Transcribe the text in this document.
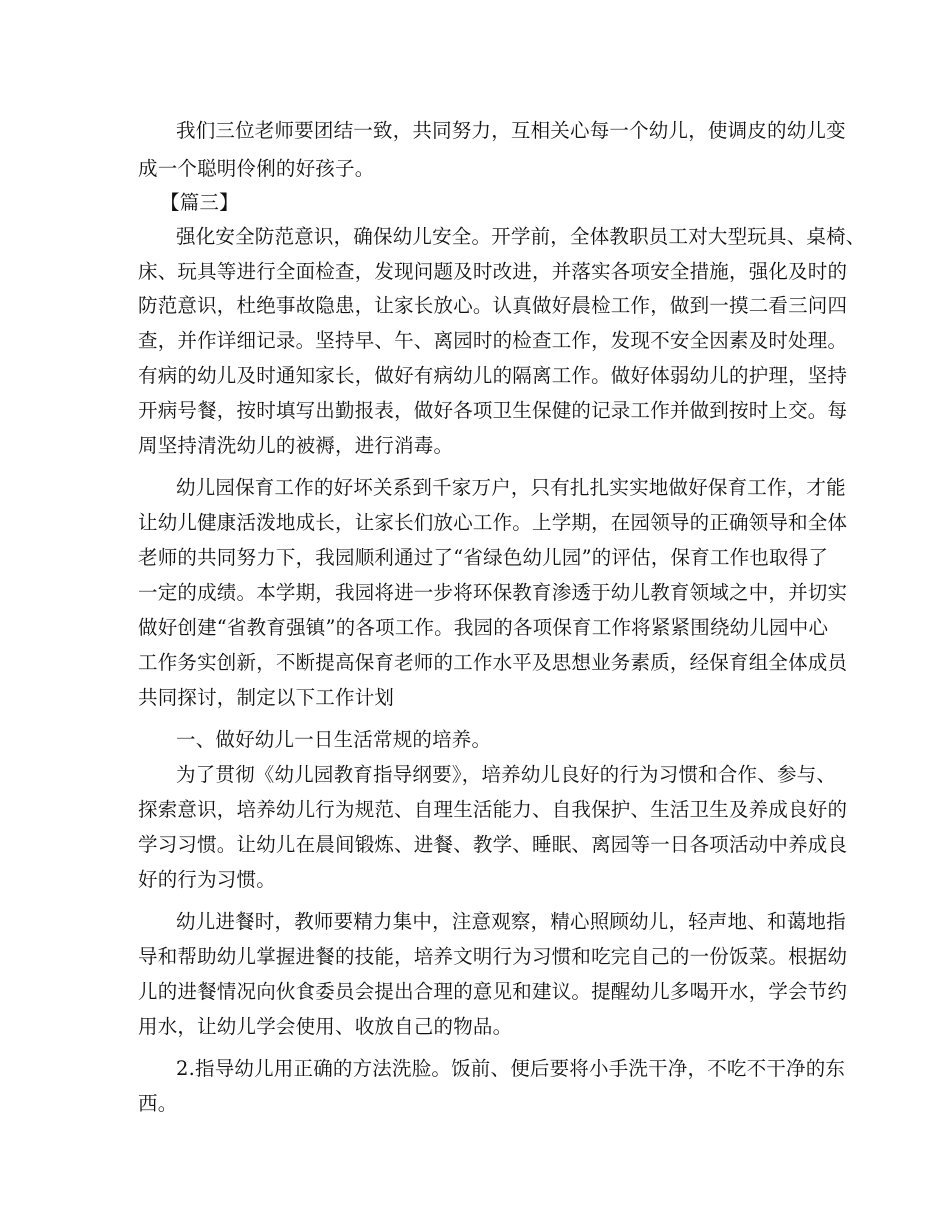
我们三位老师要团结一致，共同努力，互相关心每一个幼儿，使调皮的幼儿变
成一个聪明伶俐的好孩子。
【篇三】
强化安全防范意识，确保幼儿安全。开学前，全体教职员工对大型玩具、桌椅、
床、玩具等进行全面检查，发现问题及时改进，并落实各项安全措施，强化及时的
防范意识，杜绝事故隐患，让家长放心。认真做好晨检工作，做到一摸二看三问四
查，并作详细记录。坚持早、午、离园时的检查工作，发现不安全因素及时处理。
有病的幼儿及时通知家长，做好有病幼儿的隔离工作。做好体弱幼儿的护理，坚持
开病号餐，按时填写出勤报表，做好各项卫生保健的记录工作并做到按时上交。每
周坚持清洗幼儿的被褥，进行消毒。
幼儿园保育工作的好坏关系到千家万户，只有扎扎实实地做好保育工作，才能
让幼儿健康活泼地成长，让家长们放心工作。上学期，在园领导的正确领导和全体
老师的共同努力下，我园顺利通过了“省绿色幼儿园”的评估，保育工作也取得了
一定的成绩。本学期，我园将进一步将环保教育渗透于幼儿教育领域之中，并切实
做好创建“省教育强镇”的各项工作。我园的各项保育工作将紧紧围绕幼儿园中心
工作务实创新，不断提高保育老师的工作水平及思想业务素质，经保育组全体成员
共同探讨，制定以下工作计划
一、做好幼儿一日生活常规的培养。
为了贯彻《幼儿园教育指导纲要》，培养幼儿良好的行为习惯和合作、参与、
探索意识，培养幼儿行为规范、自理生活能力、自我保护、生活卫生及养成良好的
学习习惯。让幼儿在晨间锻炼、进餐、教学、睡眠、离园等一日各项活动中养成良
好的行为习惯。
幼儿进餐时，教师要精力集中，注意观察，精心照顾幼儿，轻声地、和蔼地指
导和帮助幼儿掌握进餐的技能，培养文明行为习惯和吃完自己的一份饭菜。根据幼
儿的进餐情况向伙食委员会提出合理的意见和建议。提醒幼儿多喝开水，学会节约
用水，让幼儿学会使用、收放自己的物品。
2.指导幼儿用正确的方法洗脸。饭前、便后要将小手洗干净，不吃不干净的东
西。
